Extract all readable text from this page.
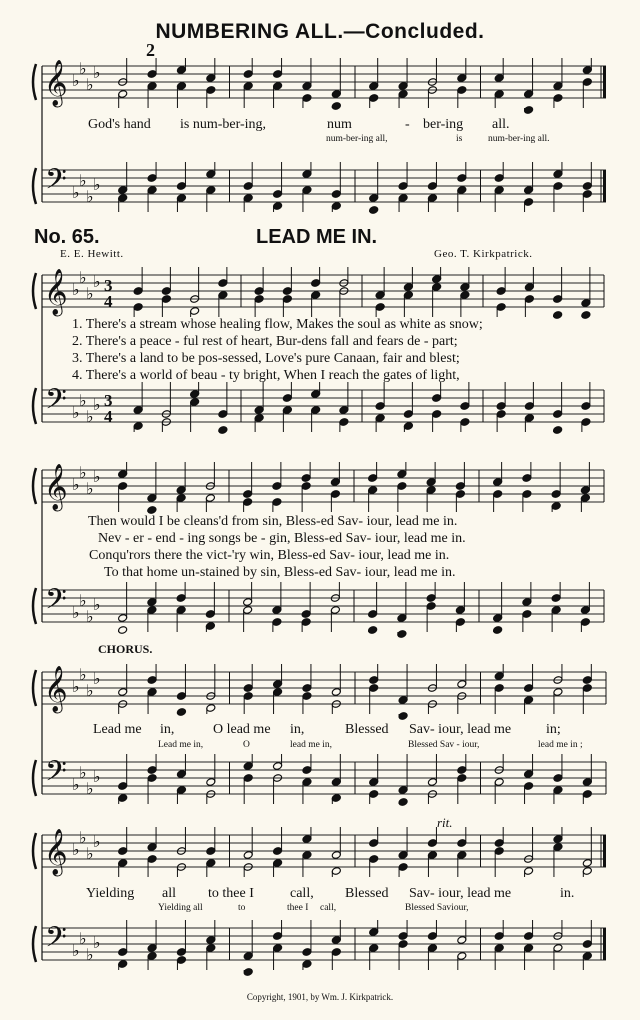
𝄞
𝄢
♭
♭
♭
♭
♭
♭
♭
♭
𝄞
𝄢
♭
♭
♭
♭
♭
♭
♭
♭
3
4
3
4
𝄞
𝄢
♭
♭
♭
♭
♭
♭
♭
♭
𝄞
𝄢
♭
♭
♭
♭
♭
♭
♭
♭
𝄞
𝄢
♭
♭
♭
♭
♭
♭
♭
♭
NUMBERING ALL.—Concluded.
2
God's hand is num-ber-ing,	num	- ber-ing all.
num-ber-ing all,	is	num-ber-ing all.
No. 65.	LEAD ME IN.
E. E. Hewitt.	Geo. T. Kirkpatrick.
1. There's a stream whose healing flow, Makes the soul as white as snow;
2. There's a peace - ful rest of heart, Bur-dens fall and fears de - part;
3. There's a land to be pos-sessed, Love's pure Canaan, fair and blest;
4. There's a world of beau - ty bright, When I reach the gates of light,
Then would I be cleans'd from sin, Bless-ed Sav- iour, lead me in.
Nev - er - end - ing songs be - gin, Bless-ed Sav- iour, lead me in.
Conqu'rors there the vict-'ry win, Bless-ed Sav- iour, lead me in.
To that home un-stained by sin, Bless-ed Sav- iour, lead me in.
CHORUS.
Lead me in,	O lead me in,	Blessed Sav- iour, lead me in;
Lead me in,	O	lead me in,	Blessed Sav - iour,	lead me in ;
rit.
Yielding all to thee I	call, Blessed Sav- iour, lead me	in.
Yielding all	to	thee I call,	Blessed Saviour,
Copyright, 1901, by Wm. J. Kirkpatrick.
